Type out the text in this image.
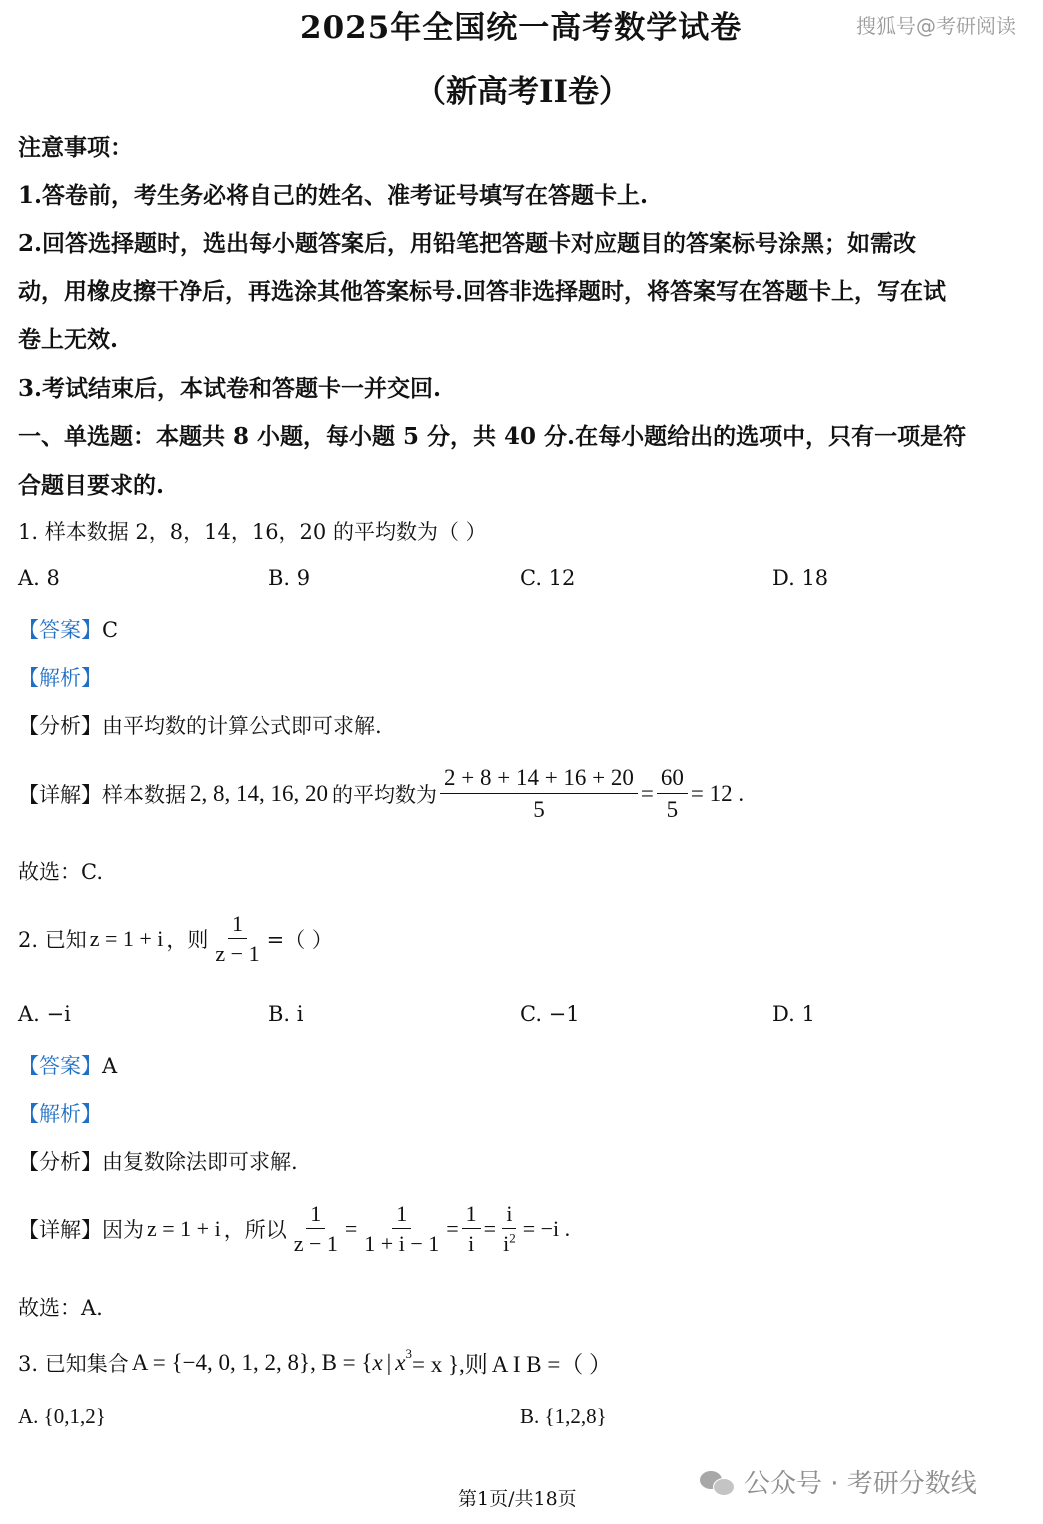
2025年全国统一高考数学试卷	搜狐号@考研阅读
（新高考II卷）
注意事项：
1.答卷前，考生务必将自己的姓名、准考证号填写在答题卡上.
2.回答选择题时，选出每小题答案后，用铅笔把答题卡对应题目的答案标号涂黑；如需改
动，用橡皮擦干净后，再选涂其他答案标号.回答非选择题时，将答案写在答题卡上，写在试
卷上无效.
3.考试结束后，本试卷和答题卡一并交回.
一、单选题：本题共 8 小题，每小题 5 分，共 40 分.在每小题给出的选项中，只有一项是符
合题目要求的.
1. 样本数据 2，8，14，16，20 的平均数为（ ）
A. 8	B. 9	C. 12	D. 18
【答案】C
【解析】
【分析】由平均数的计算公式即可求解.
【详解】 样本数据 2, 8, 14, 16, 20 的平均数为 $\frac{2 + 8 + 14 + 16 + 20}{5} = \frac{60}{5} = 12$ .
故选：C.
2. 已知 z = 1 + i ，则 $\frac{1}{z - 1}$ =（ ）
A. −i	B. i	C. −1	D. 1
【答案】A
【解析】
【分析】由复数除法即可求解.
【详解】 因为 z = 1 + i ，所以 $\frac{1}{z - 1} = \frac{1}{1 + i - 1} = \frac{1}{i} = \frac{i}{i^2} = -i$ .
故选：A.
3. 已知集合 A = {−4, 0, 1, 2, 8}, B = { x | $x^3 = x$ },则 A I B =（ ）
A. {0,1,2}	B. {1,2,8}
第1页/共18页	公众号 · 考研分数线
